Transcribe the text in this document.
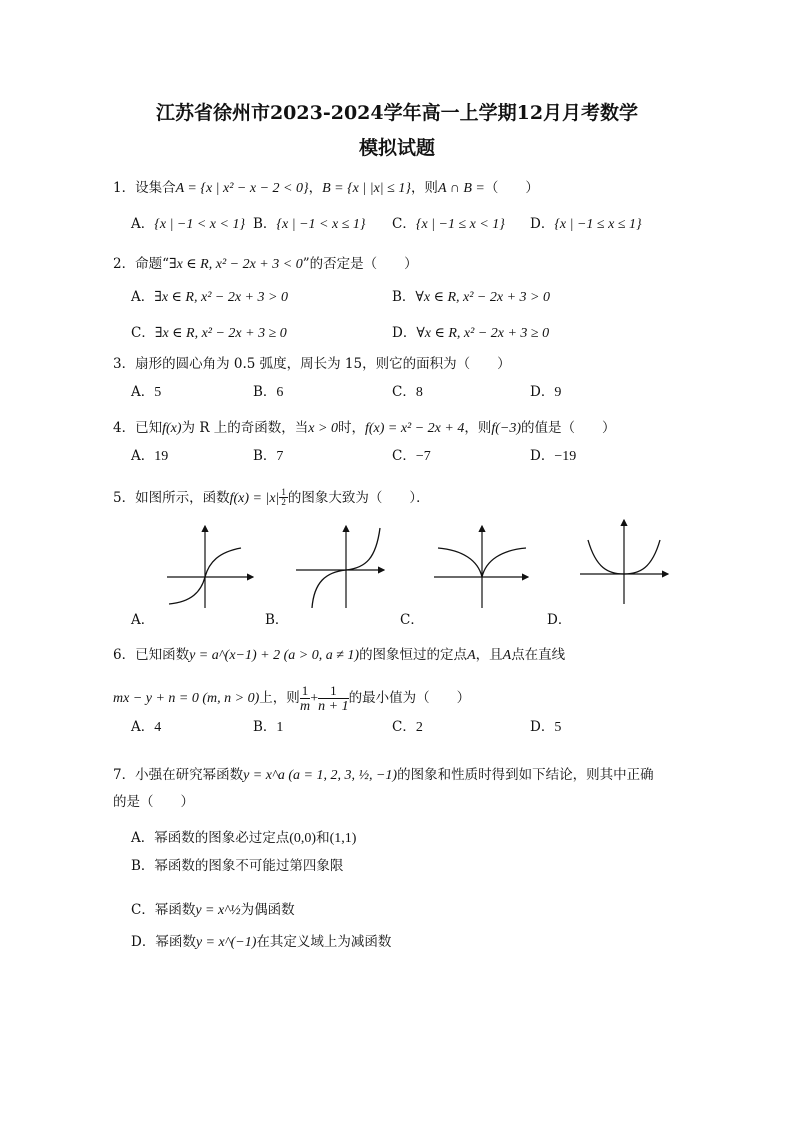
江苏省徐州市2023-2024学年高一上学期12月月考数学
模拟试题
1．设集合A = {x | x² − x − 2 < 0}，B = {x | |x| ≤ 1}，则A ∩ B =（　　）
A．{x | −1 < x < 1} B．{x | −1 < x ≤ 1} C．{x | −1 ≤ x < 1} D．{x | −1 ≤ x ≤ 1}
2．命题“∃x ∈ R, x² − 2x + 3 < 0”的否定是（　　）
A．∃x ∈ R, x² − 2x + 3 > 0	B．∀x ∈ R, x² − 2x + 3 > 0
C．∃x ∈ R, x² − 2x + 3 ≥ 0	D．∀x ∈ R, x² − 2x + 3 ≥ 0
3．扇形的圆心角为 0.5 弧度，周长为 15，则它的面积为（　　）
A．5	B．6	C．8	D．9
4．已知f(x)为 R 上的奇函数，当x > 0时，f(x) = x² − 2x + 4，则f(−3)的值是（　　）
A．19	B．7	C．−7	D．−19
5．如图所示，函数$f(x) = |x| \frac{1}{2}$ 的图象大致为（　　）．
A．	B．	C．	D．
6．已知函数y = a^(x−1) + 2 (a > 0, a ≠ 1)的图象恒过的定点A，且A点在直线
mx − y + n = 0 (m, n > 0)上，则 $\frac{1}{m} + \frac{1}{n + 1}$ 的最小值为（　　）
A．4	B．1	C．2	D．5
7．小强在研究幂函数y = x^a (a = 1, 2, 3, ½, −1)的图象和性质时得到如下结论，则其中正确
的是（　　）
A．幂函数的图象必过定点(0,0)和(1,1)
B．幂函数的图象不可能过第四象限
C．幂函数y = x^½为偶函数
D．幂函数y = x^(−1)在其定义域上为减函数
